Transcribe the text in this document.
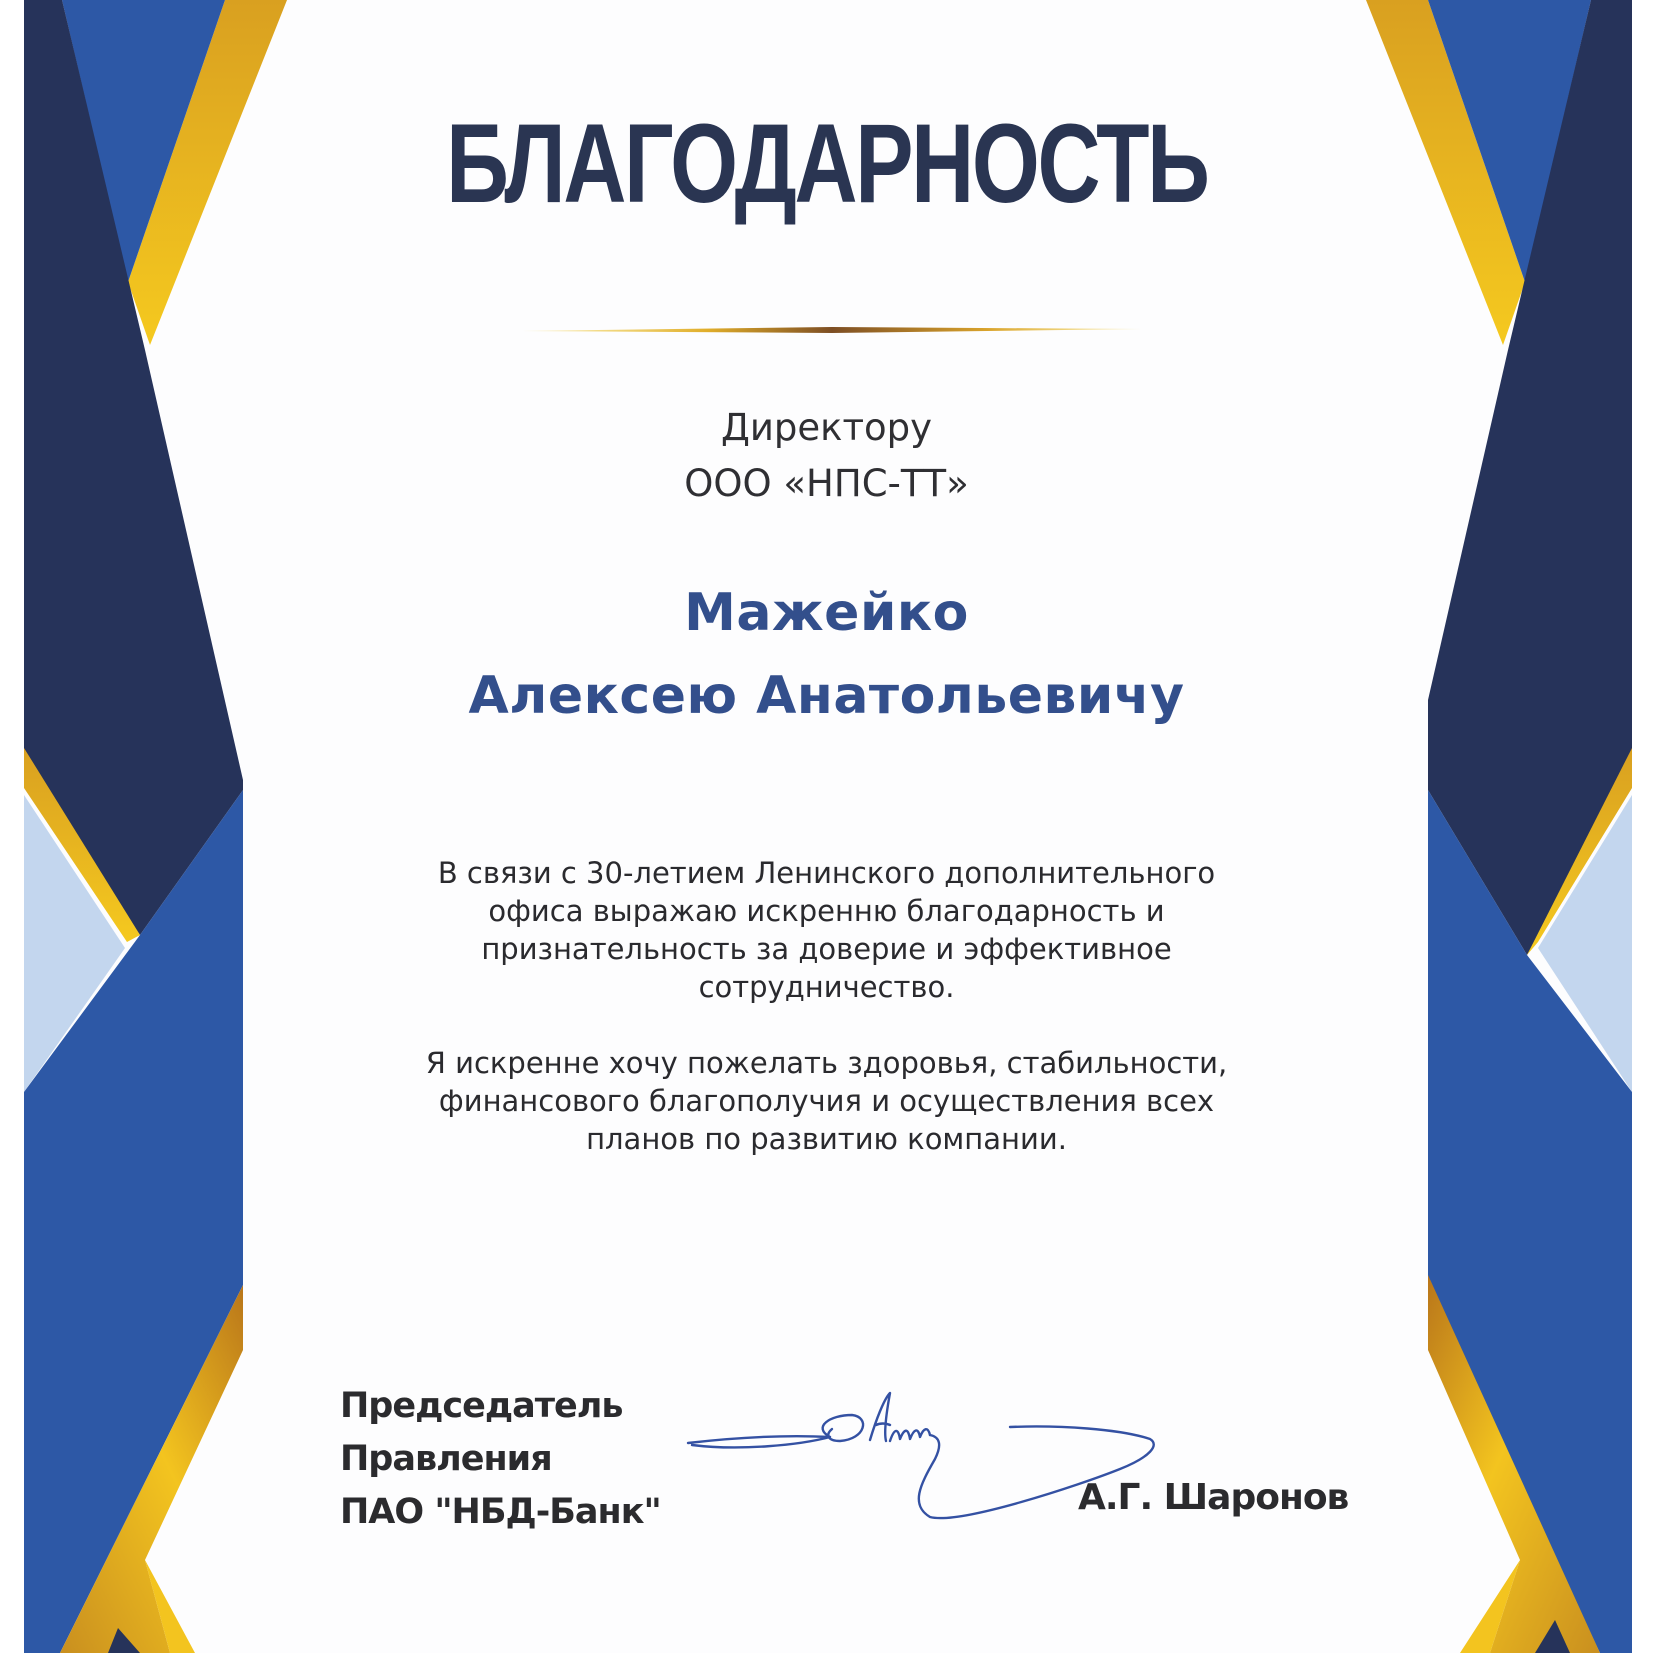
БЛАГОДАРНОСТЬ
Директору
ООО «НПС-ТТ»
Мажейко
Алексею Анатольевичу
В связи с 30-летием Ленинского дополнительного
офиса выражаю искренню благодарность и
признательность за доверие и эффективное
сотрудничество.
Я искренне хочу пожелать здоровья, стабильности,
финансового благополучия и осуществления всех
планов по развитию компании.
Председатель
Правления
ПАО "НБД-Банк"	А.Г. Шаронов
